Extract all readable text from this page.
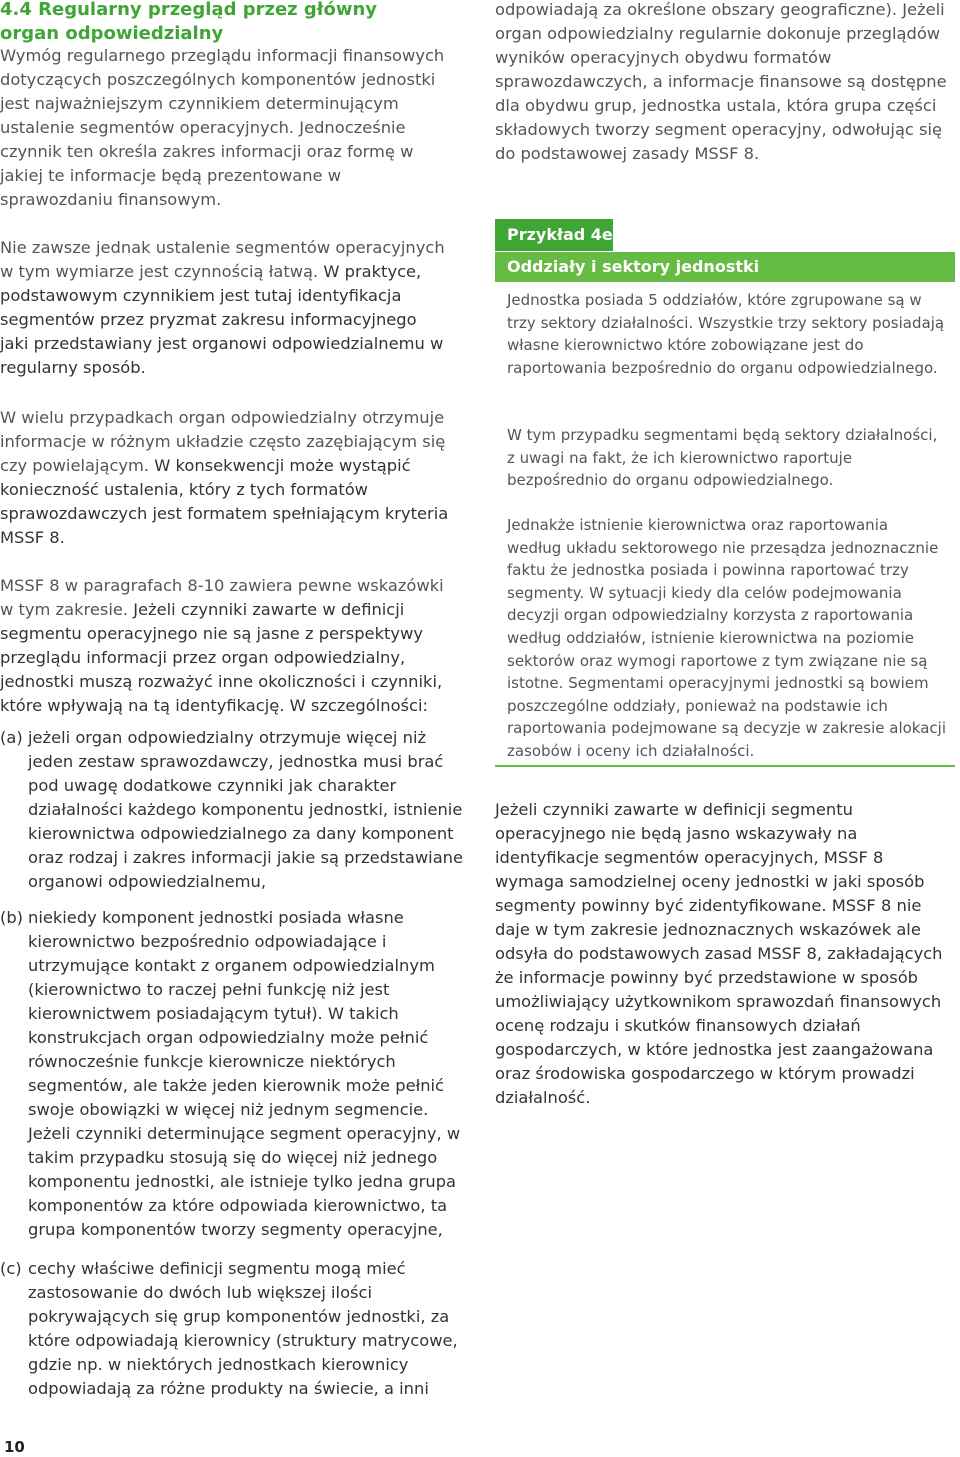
4.4 Regularny przegląd przez główny organ odpowiedzialny

Wymóg regularnego przeglądu informacji finansowych dotyczących poszczególnych komponentów jednostki jest najważniejszym czynnikiem determinującym ustalenie segmentów operacyjnych. Jednocześnie czynnik ten określa zakres informacji oraz formę w jakiej te informacje będą prezentowane w sprawozdaniu finansowym.

Nie zawsze jednak ustalenie segmentów operacyjnych w tym wymiarze jest czynnością łatwą. W praktyce, podstawowym czynnikiem jest tutaj identyfikacja segmentów przez pryzmat zakresu informacyjnego jaki przedstawiany jest organowi odpowiedzialnemu w regularny sposób.

W wielu przypadkach organ odpowiedzialny otrzymuje informacje w różnym układzie często zazębiającym się czy powielającym. W konsekwencji może wystąpić konieczność ustalenia, który z tych formatów sprawozdawczych jest formatem spełniającym kryteria MSSF 8.

MSSF 8 w paragrafach 8-10 zawiera pewne wskazówki w tym zakresie. Jeżeli czynniki zawarte w definicji segmentu operacyjnego nie są jasne z perspektywy przeglądu informacji przez organ odpowiedzialny, jednostki muszą rozważyć inne okoliczności i czynniki, które wpływają na tą identyfikację. W szczególności:

(a) jeżeli organ odpowiedzialny otrzymuje więcej niż jeden zestaw sprawozdawczy, jednostka musi brać pod uwagę dodatkowe czynniki jak charakter działalności każdego komponentu jednostki, istnienie kierownictwa odpowiedzialnego za dany komponent oraz rodzaj i zakres informacji jakie są przedstawiane organowi odpowiedzialnemu,
(b) niekiedy komponent jednostki posiada własne kierownictwo bezpośrednio odpowiadające i utrzymujące kontakt z organem odpowiedzialnym (kierownictwo to raczej pełni funkcję niż jest kierownictwem posiadającym tytuł). W takich konstrukcjach organ odpowiedzialny może pełnić równocześnie funkcje kierownicze niektórych segmentów, ale także jeden kierownik może pełnić swoje obowiązki w więcej niż jednym segmencie. Jeżeli czynniki determinujące segment operacyjny, w takim przypadku stosują się do więcej niż jednego komponentu jednostki, ale istnieje tylko jedna grupa komponentów za które odpowiada kierownictwo, ta grupa komponentów tworzy segmenty operacyjne,
(c) cechy właściwe definicji segmentu mogą mieć zastosowanie do dwóch lub większej ilości pokrywających się grup komponentów jednostki, za które odpowiadają kierownicy (struktury matrycowe, gdzie np. w niektórych jednostkach kierownicy odpowiadają za różne produkty na świecie, a inni
10

odpowiadają za określone obszary geograficzne). Jeżeli organ odpowiedzialny regularnie dokonuje przeglądów wyników operacyjnych obydwu formatów sprawozdawczych, a informacje finansowe są dostępne dla obydwu grup, jednostka ustala, która grupa części składowych tworzy segment operacyjny, odwołując się do podstawowej zasady MSSF 8.

Przykład 4e
Oddziały i sektory jednostki

Jednostka posiada 5 oddziałów, które zgrupowane są w trzy sektory działalności. Wszystkie trzy sektory posiadają własne kierownictwo które zobowiązane jest do raportowania bezpośrednio do organu odpowiedzialnego.

W tym przypadku segmentami będą sektory działalności, z uwagi na fakt, że ich kierownictwo raportuje bezpośrednio do organu odpowiedzialnego.

Jednakże istnienie kierownictwa oraz raportowania według układu sektorowego nie przesądza jednoznacznie faktu że jednostka posiada i powinna raportować trzy segmenty. W sytuacji kiedy dla celów podejmowania decyzji organ odpowiedzialny korzysta z raportowania według oddziałów, istnienie kierownictwa na poziomie sektorów oraz wymogi raportowe z tym związane nie są istotne. Segmentami operacyjnymi jednostki są bowiem poszczególne oddziały, ponieważ na podstawie ich raportowania podejmowane są decyzje w zakresie alokacji zasobów i oceny ich działalności.

Jeżeli czynniki zawarte w definicji segmentu operacyjnego nie będą jasno wskazywały na identyfikacje segmentów operacyjnych, MSSF 8 wymaga samodzielnej oceny jednostki w jaki sposób segmenty powinny być zidentyfikowane. MSSF 8 nie daje w tym zakresie jednoznacznych wskazówek ale odsyła do podstawowych zasad MSSF 8, zakładających że informacje powinny być przedstawione w sposób umożliwiający użytkownikom sprawozdań finansowych ocenę rodzaju i skutków finansowych działań gospodarczych, w które jednostka jest zaangażowana oraz środowiska gospodarczego w którym prowadzi działalność.
